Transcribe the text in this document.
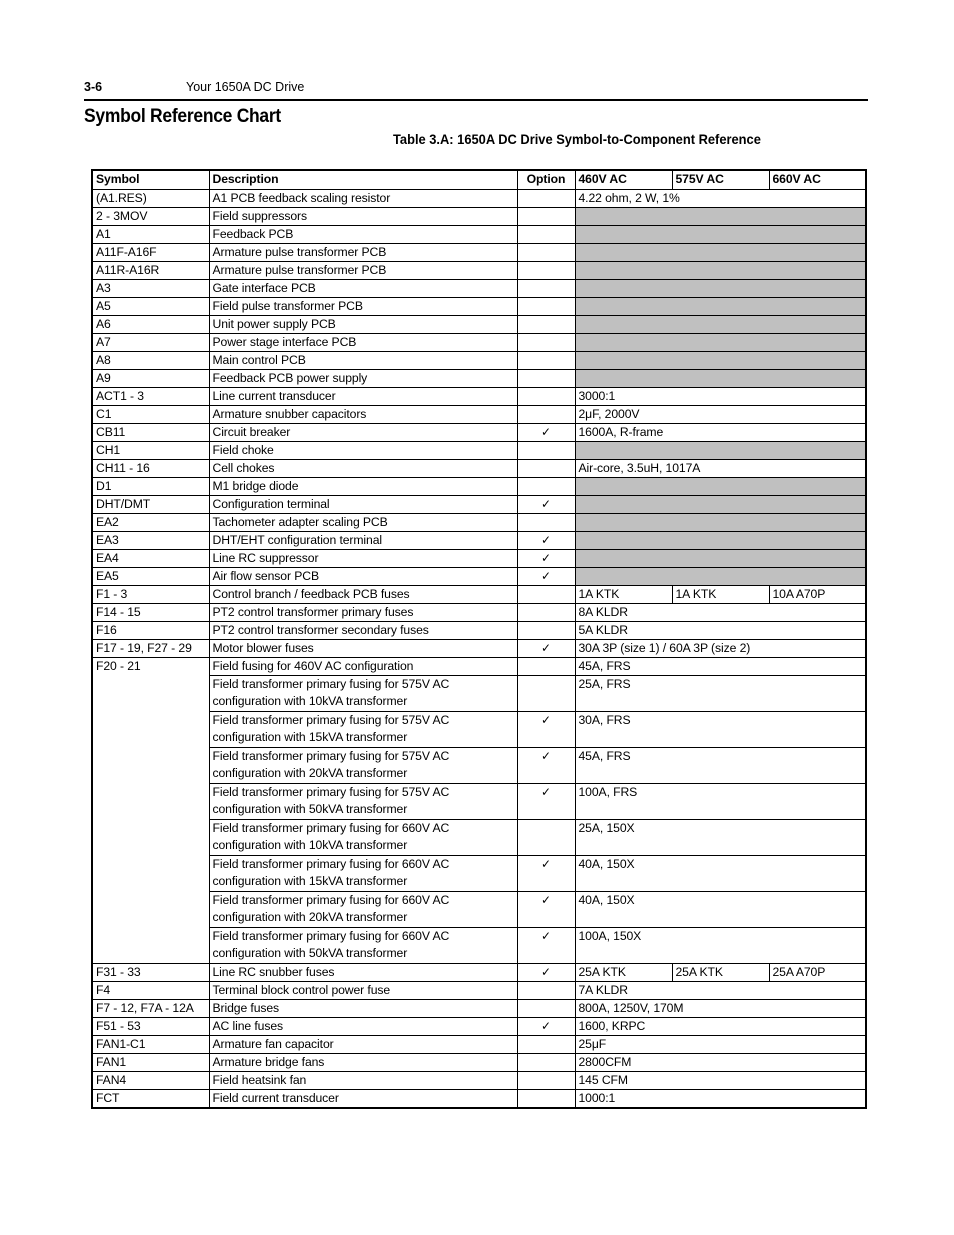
3-6	Your 1650A DC Drive
Symbol Reference Chart
Table 3.A: 1650A DC Drive Symbol-to-Component Reference
Symbol	Description	Option	460V AC	575V AC	660V AC
(A1.RES)	A1 PCB feedback scaling resistor		4.22 ohm, 2 W, 1%		
2 - 3MOV	Field suppressors				
A1	Feedback PCB				
A11F-A16F	Armature pulse transformer PCB				
A11R-A16R	Armature pulse transformer PCB				
A3	Gate interface PCB				
A5	Field pulse transformer PCB				
A6	Unit power supply PCB				
A7	Power stage interface PCB				
A8	Main control PCB				
A9	Feedback PCB power supply				
ACT1 - 3	Line current transducer		3000:1		
C1	Armature snubber capacitors		2μF, 2000V		
CB11	Circuit breaker	✓	1600A, R-frame		
CH1	Field choke				
CH11 - 16	Cell chokes		Air-core, 3.5uH, 1017A		
D1	M1 bridge diode				
DHT/DMT	Configuration terminal	✓			
EA2	Tachometer adapter scaling PCB				
EA3	DHT/EHT configuration terminal	✓			
EA4	Line RC suppressor	✓			
EA5	Air flow sensor PCB	✓			
F1 - 3	Control branch / feedback PCB fuses		1A KTK	1A KTK	10A A70P
F14 - 15	PT2 control transformer primary fuses		8A KLDR		
F16	PT2 control transformer secondary fuses		5A KLDR		
F17 - 19, F27 - 29	Motor blower fuses	✓	30A 3P (size 1) / 60A 3P (size 2)		
F20 - 21	Field fusing for 460V AC configuration		45A, FRS		

	Field transformer primary fusing for 575V AC
configuration with 10kVA transformer		25A, FRS		

	Field transformer primary fusing for 575V AC
configuration with 15kVA transformer	✓	30A, FRS		

	Field transformer primary fusing for 575V AC
configuration with 20kVA transformer	✓	45A, FRS		

	Field transformer primary fusing for 575V AC
configuration with 50kVA transformer	✓	100A, FRS		

	Field transformer primary fusing for 660V AC
configuration with 10kVA transformer		25A, 150X		

	Field transformer primary fusing for 660V AC
configuration with 15kVA transformer	✓	40A, 150X		

	Field transformer primary fusing for 660V AC
configuration with 20kVA transformer	✓	40A, 150X		

	Field transformer primary fusing for 660V AC
configuration with 50kVA transformer	✓	100A, 150X		
F31 - 33	Line RC snubber fuses	✓	25A KTK	25A KTK	25A A70P
F4	Terminal block control power fuse		7A KLDR		
F7 - 12, F7A - 12A	Bridge fuses		800A, 1250V, 170M		
F51 - 53	AC line fuses	✓	1600, KRPC		
FAN1-C1	Armature fan capacitor		25μF		
FAN1	Armature bridge fans		2800CFM		
FAN4	Field heatsink fan		145 CFM		
FCT	Field current transducer		1000:1		
